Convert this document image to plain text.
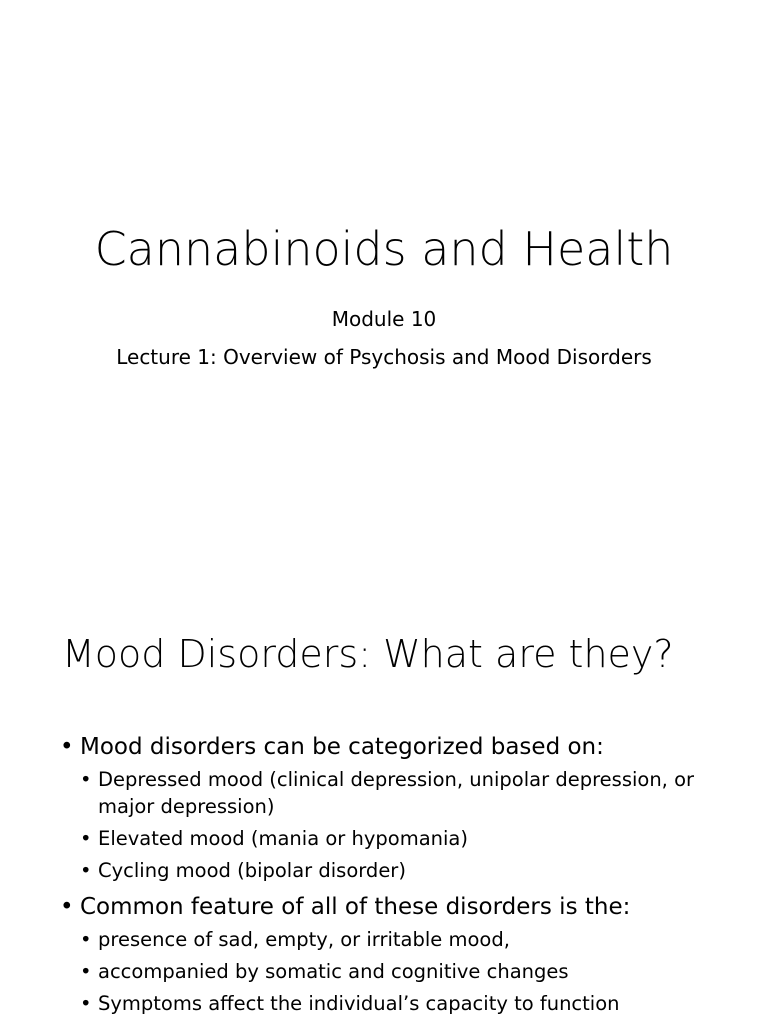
Cannabinoids and Health
Module 10
Lecture 1: Overview of Psychosis and Mood Disorders
Mood Disorders: What are they?
• Mood disorders can be categorized based on:
• Depressed mood (clinical depression, unipolar depression, or major depression)
• Elevated mood (mania or hypomania)
• Cycling mood (bipolar disorder)
• Common feature of all of these disorders is the:
• presence of sad, empty, or irritable mood,
• accompanied by somatic and cognitive changes
• Symptoms affect the individual’s capacity to function
